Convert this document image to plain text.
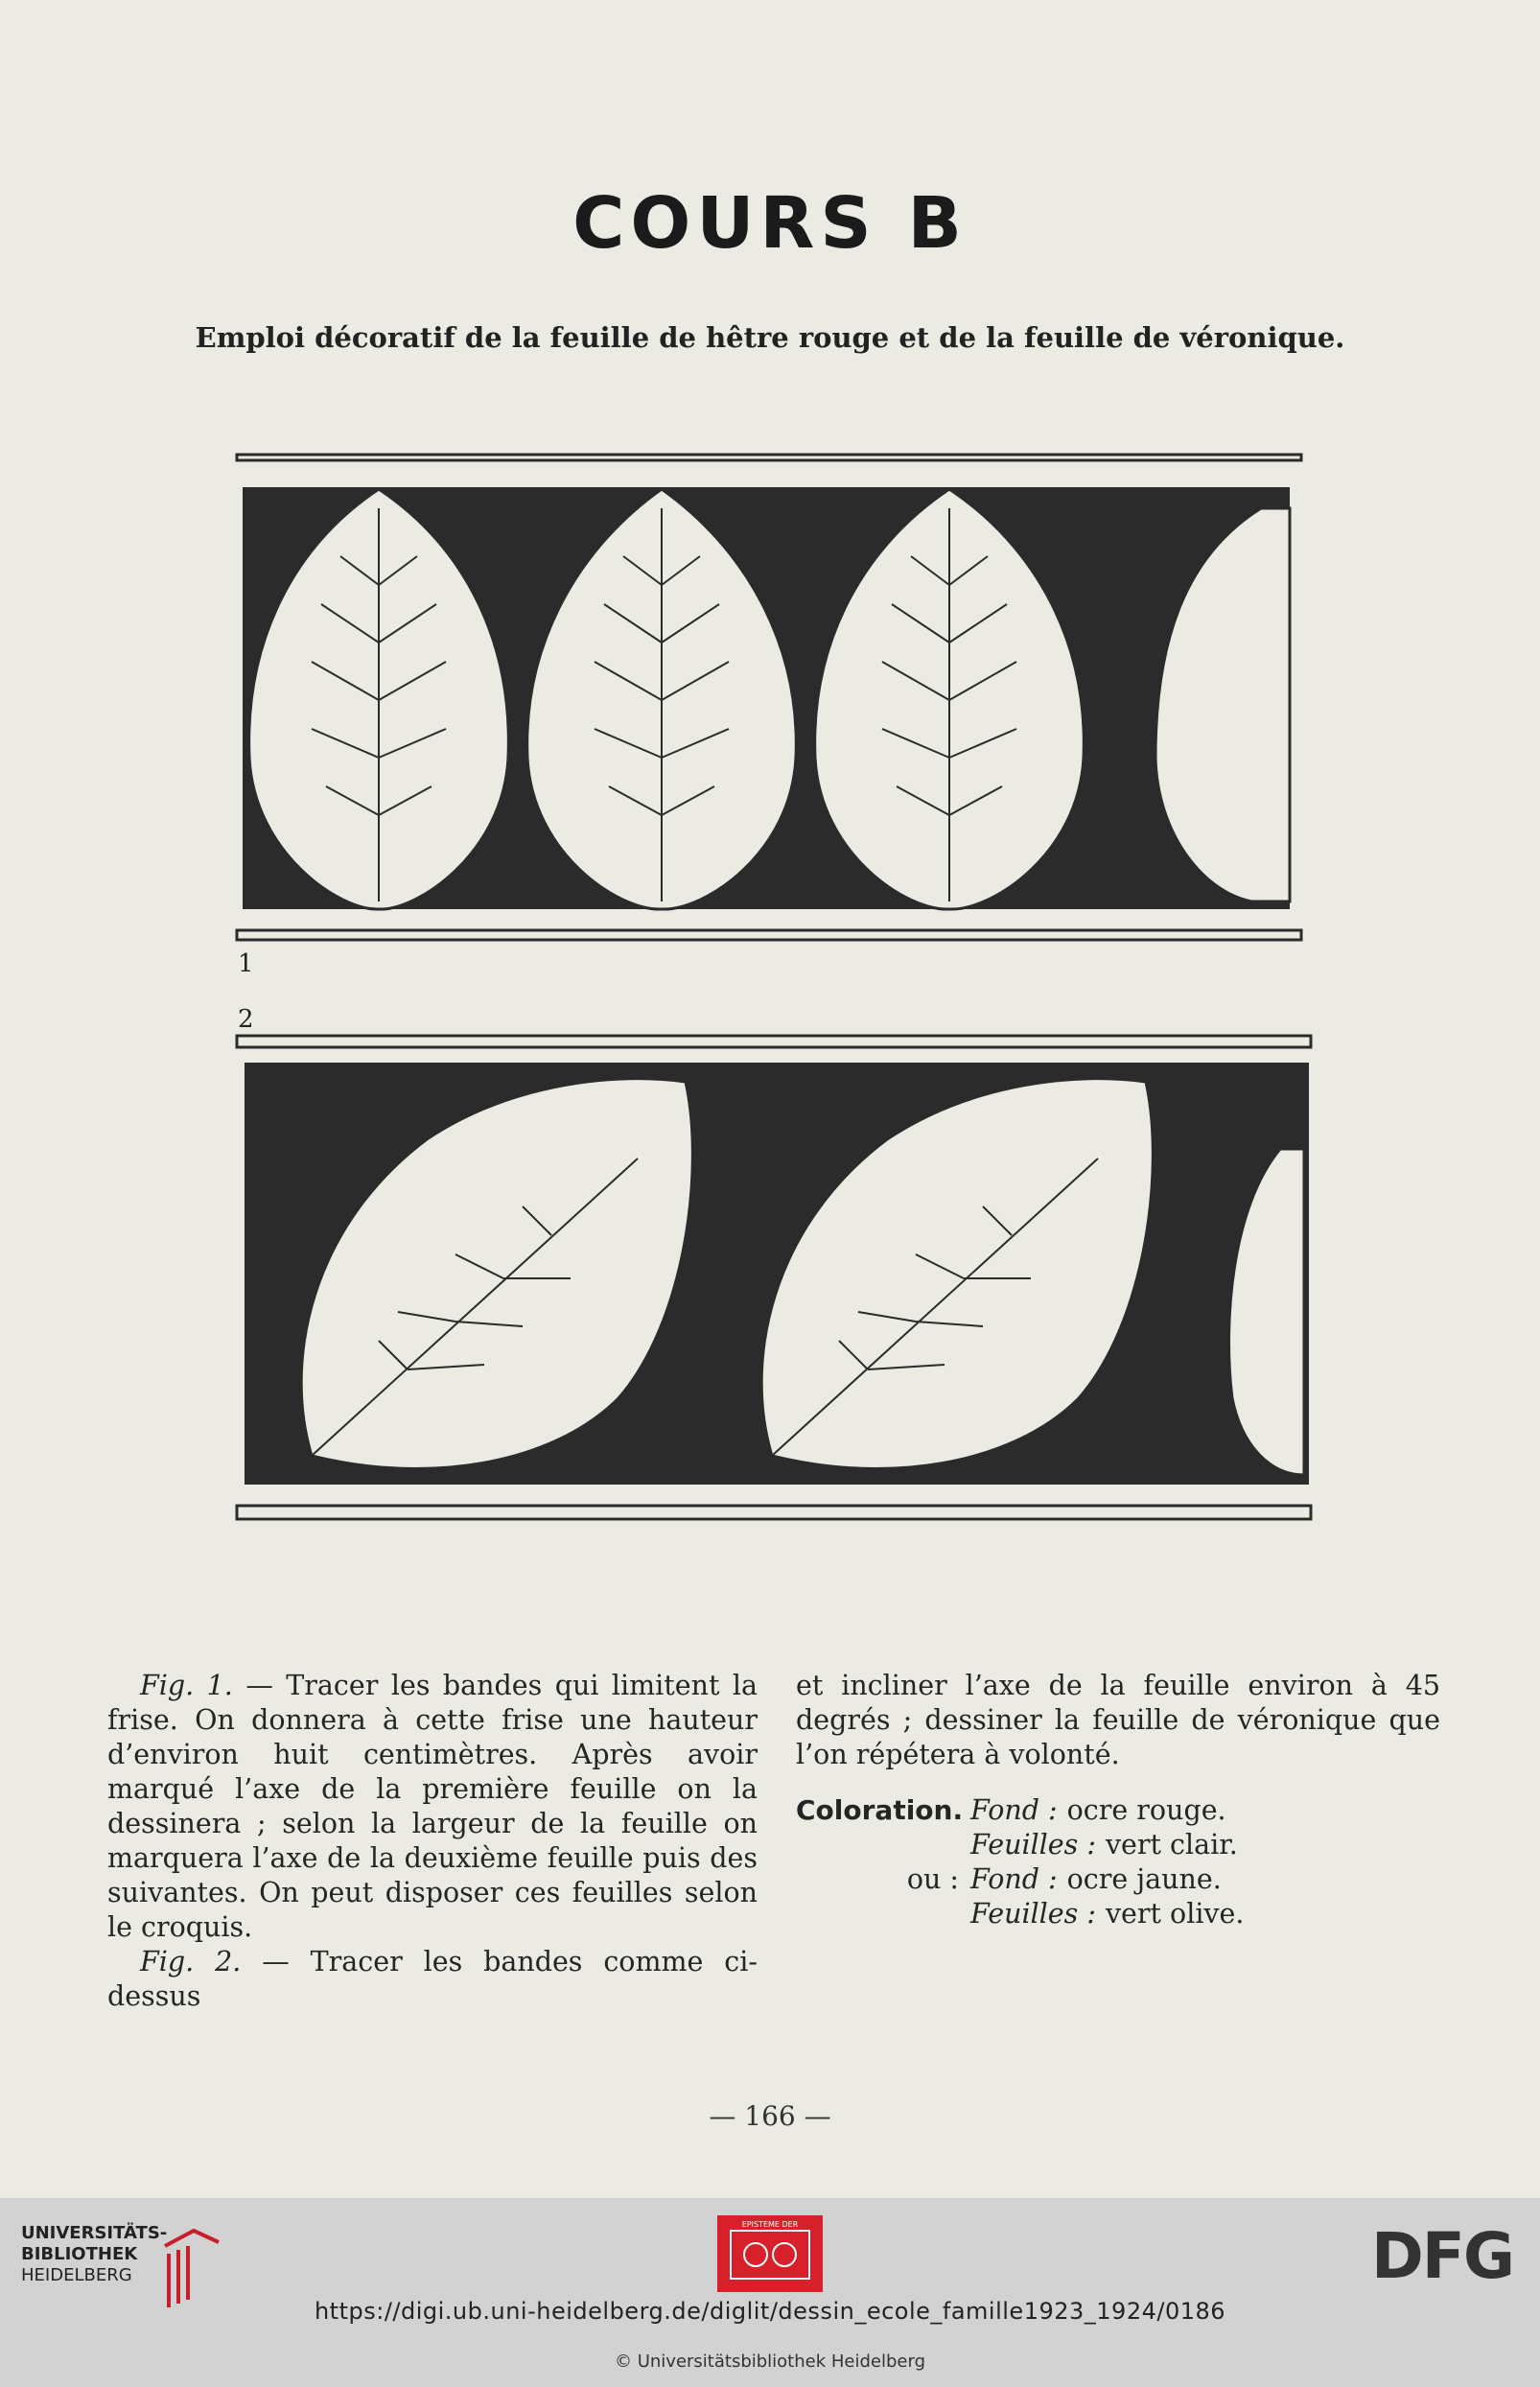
COURS B
Emploi décoratif de la feuille de hêtre rouge et de la feuille de véronique.
1
2

Fig. 1. — Tracer les bandes qui limitent la frise. On donnera à cette frise une hauteur d’environ huit centimètres. Après avoir marqué l’axe de la première feuille on la dessinera ; selon la largeur de la feuille on marquera l’axe de la deuxième feuille puis des suivantes. On peut disposer ces feuilles selon le croquis.

Fig. 2. — Tracer les bandes comme ci-dessus

et incliner l’axe de la feuille environ à 45 degrés ; dessiner la feuille de véronique que l’on répétera à volonté.

Coloration. Fond : ocre rouge.
Feuilles : vert clair.
ou : Fond : ocre jaune.
Feuilles : vert olive.
— 166 —
UNIVERSITÄTS-
BIBLIOTHEK
HEIDELBERG
EPISTEME DER	DFG
https://digi.ub.uni-heidelberg.de/diglit/dessin_ecole_famille1923_1924/0186
© Universitätsbibliothek Heidelberg
